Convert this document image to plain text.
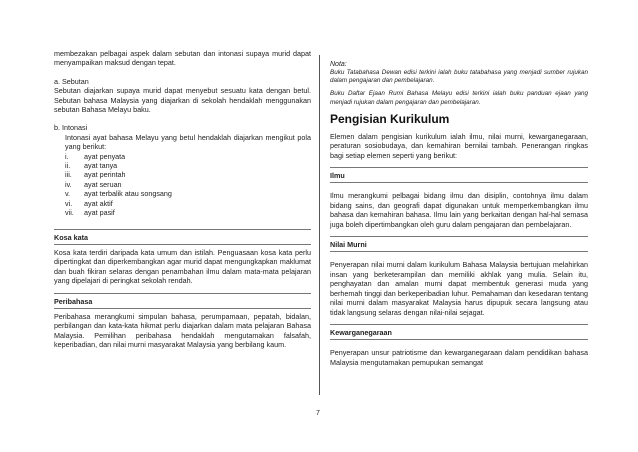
membezakan pelbagai aspek dalam sebutan dan intonasi supaya murid dapat menyampaikan maksud dengan tepat.

a. Sebutan

Sebutan diajarkan supaya murid dapat menyebut sesuatu kata dengan betul. Sebutan bahasa Malaysia yang diajarkan di sekolah hendaklah menggunakan sebutan Bahasa Melayu baku.

b. Intonasi

Intonasi ayat bahasa Melayu yang betul hendaklah diajarkan mengikut pola yang berikut:

i.	ayat penyata
ii.	ayat tanya
iii.	ayat perintah
iv.	ayat seruan
v.	ayat terbalik atau songsang
vi.	ayat aktif
vii.	ayat pasif

Kosa kata

Kosa kata terdiri daripada kata umum dan istilah. Penguasaan kosa kata perlu dipertingkat dan diperkembangkan agar murid dapat mengungkapkan maklumat dan buah fikiran selaras dengan penambahan ilmu dalam mata-mata pelajaran yang dipelajari di peringkat sekolah rendah.

Peribahasa

Peribahasa merangkumi simpulan bahasa, perumpamaan, pepatah, bidalan, perbilangan dan kata-kata hikmat perlu diajarkan dalam mata pelajaran Bahasa Malaysia. Pemilihan peribahasa hendaklah mengutamakan falsafah, keperibadian, dan nilai murni masyarakat Malaysia yang berbilang kaum.

Nota:

Buku Tatabahasa Dewan edisi terkini ialah buku tatabahasa yang menjadi sumber rujukan dalam pengajaran dan pembelajaran.

Buku Daftar Ejaan Rumi Bahasa Melayu edisi terkini ialah buku panduan ejaan yang menjadi rujukan dalam pengajaran dan pembelajaran.

Pengisian Kurikulum

Elemen dalam pengisian kurikulum ialah ilmu, nilai murni, kewarganegaraan, peraturan sosiobudaya, dan kemahiran bernilai tambah. Penerangan ringkas bagi setiap elemen seperti yang berikut:

Ilmu

Ilmu merangkumi pelbagai bidang ilmu dan disiplin, contohnya ilmu dalam bidang sains, dan geografi dapat digunakan untuk memperkembangkan ilmu bahasa dan kemahiran bahasa. Ilmu lain yang berkaitan dengan hal-hal semasa juga boleh dipertimbangkan oleh guru dalam pengajaran dan pembelajaran.

Nilai Murni

Penyerapan nilai murni dalam kurikulum Bahasa Malaysia bertujuan melahirkan insan yang berketerampilan dan memiliki akhlak yang mulia. Selain itu, penghayatan dan amalan murni dapat membentuk generasi muda yang berhemah tinggi dan berkeperibadian luhur. Pemahaman dan kesedaran tentang nilai murni dalam masyarakat Malaysia harus dipupuk secara langsung atau tidak langsung selaras dengan nilai-nilai sejagat.

Kewarganegaraan

Penyerapan unsur patriotisme dan kewarganegaraan dalam pendidikan bahasa Malaysia mengutamakan pemupukan semangat

7
